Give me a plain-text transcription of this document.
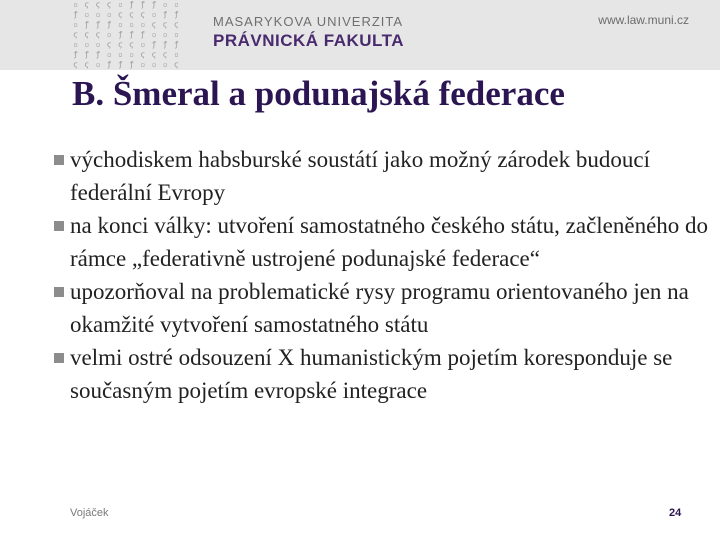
▫ ϛ ϛ ϛ ▫ ƒ ƒ ƒ ▫ ▫
ƒ ▫ ▫ ▫ ϛ ϛ ϛ ▫ ƒ ƒ
▫ ƒ ƒ ƒ ▫ ▫ ▫ ϛ ϛ ϛ
ϛ ϛ ϛ ▫ ƒ ƒ ƒ ▫ ▫ ▫
▫ ▫ ▫ ϛ ϛ ϛ ▫ ƒ ƒ ƒ
ƒ ƒ ƒ ▫ ▫ ▫ ϛ ϛ ϛ ▫
ϛ ϛ ▫ ƒ ƒ ƒ ▫ ▫ ▫ ϛ
MASARYKOVA UNIVERZITA
PRÁVNICKÁ FAKULTA
www.law.muni.cz
B. Šmeral a podunajská federace
východiskem habsburské soustátí jako možný zárodek budoucí federální Evropy
na konci války: utvoření samostatného českého státu, začleněného do rámce „federativně ustrojené podunajské federace“
upozorňoval na problematické rysy programu orientovaného jen na okamžité vytvoření samostatného státu
velmi ostré odsouzení X humanistickým pojetím koresponduje se současným pojetím evropské integrace
Vojáček	24
